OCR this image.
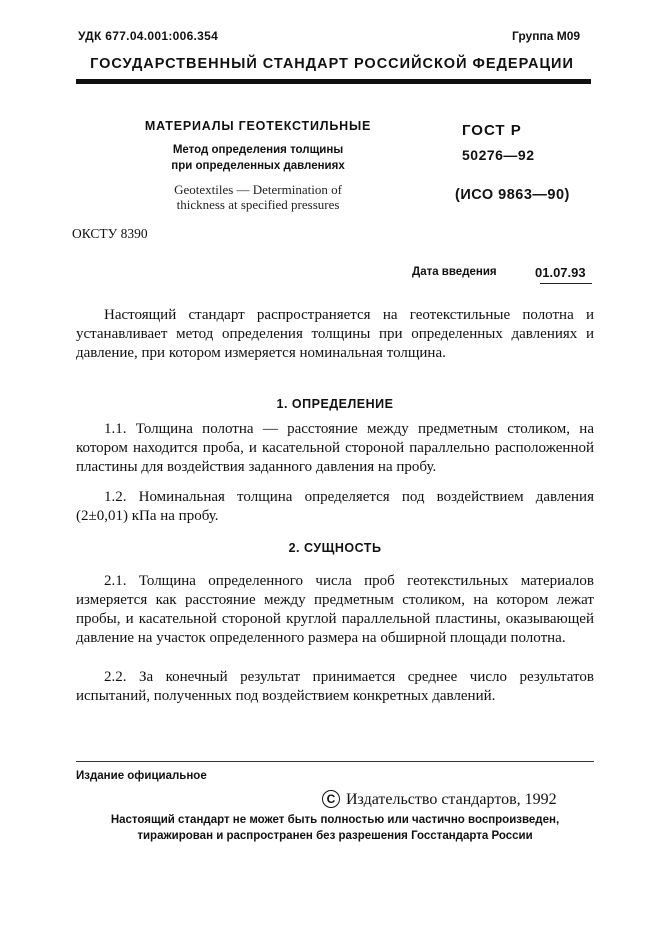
УДК 677.04.001:006.354	Группа М09
ГОСУДАРСТВЕННЫЙ СТАНДАРТ РОССИЙСКОЙ ФЕДЕРАЦИИ
МАТЕРИАЛЫ ГЕОТЕКСТИЛЬНЫЕ
Метод определения толщины
при определенных давлениях
Geotextiles — Determination of
thickness at specified pressures
ГОСТ Р
50276—92
(ИСО 9863—90)
ОКСТУ 8390
Дата введения	01.07.93
Настоящий стандарт распространяется на геотекстильные полотна и устанавливает метод определения толщины при определенных давлениях и давление, при котором измеряется номинальная толщина.
1. ОПРЕДЕЛЕНИЕ
1.1. Толщина полотна — расстояние между предметным столиком, на котором находится проба, и касательной стороной параллельно расположенной пластины для воздействия заданного давления на пробу.
1.2. Номинальная толщина определяется под воздействием давления (2±0,01) кПа на пробу.
2. СУЩНОСТЬ
2.1. Толщина определенного числа проб геотекстильных материалов измеряется как расстояние между предметным столиком, на котором лежат пробы, и касательной стороной круглой параллельной пластины, оказывающей давление на участок определенного размера на обширной площади полотна.
2.2. За конечный результат принимается среднее число результатов испытаний, полученных под воздействием конкретных давлений.
Издание официальное
С Издательство стандартов, 1992
Настоящий стандарт не может быть полностью или частично воспроизведен,
тиражирован и распространен без разрешения Госстандарта России
